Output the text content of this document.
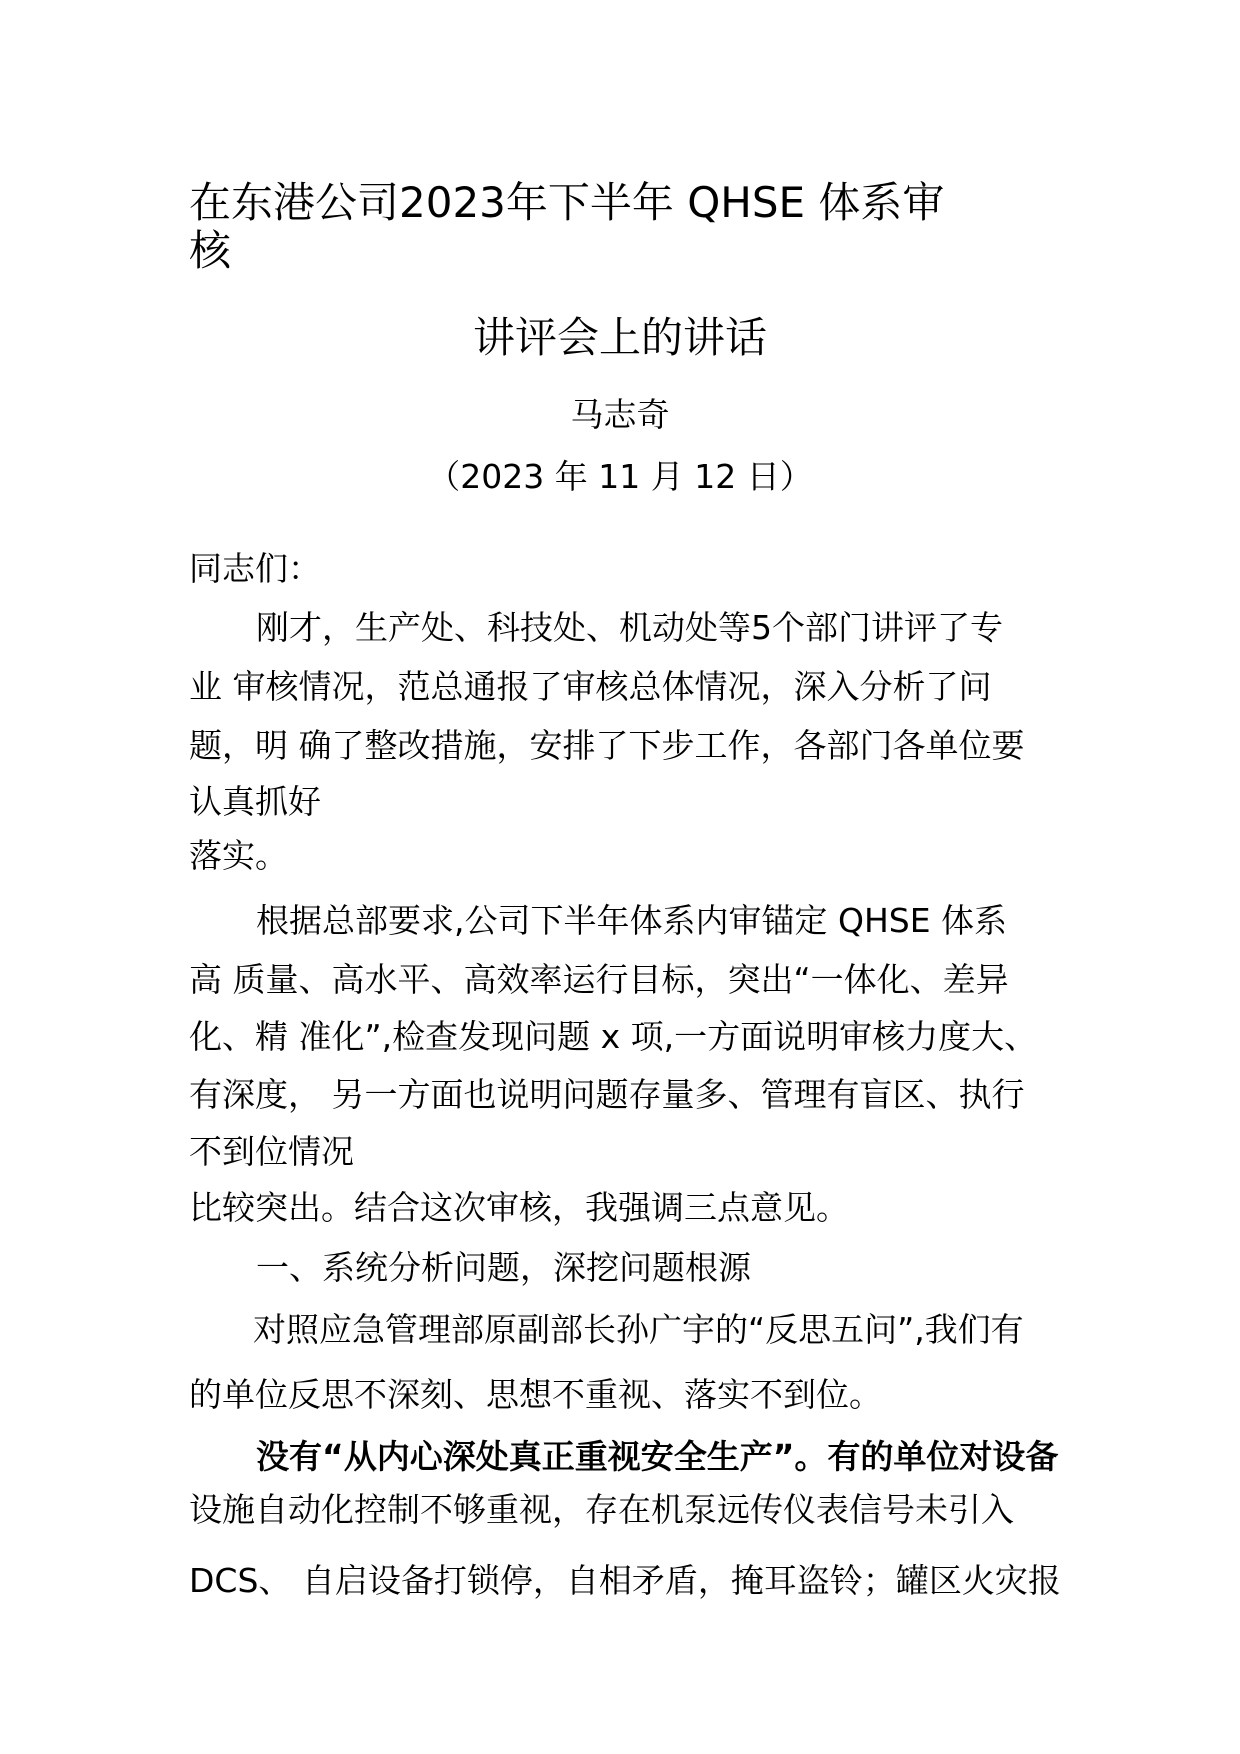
在东港公司2023年下半年 QHSE 体系审
核
讲评会上的讲话
马志奇
（2023 年 11 月 12 日）
同志们：
刚才，生产处、科技处、机动处等5个部门讲评了专
业 审核情况，范总通报了审核总体情况，深入分析了问
题，明 确了整改措施，安排了下步工作，各部门各单位要
认真抓好
落实。
根据总部要求,公司下半年体系内审锚定 QHSE 体系
高 质量、高水平、高效率运行目标，突出“一体化、差异
化、精 准化”,检查发现问题 x 项,一方面说明审核力度大、
有深度， 另一方面也说明问题存量多、管理有盲区、执行
不到位情况
比较突出。结合这次审核，我强调三点意见。
一、系统分析问题，深挖问题根源
对照应急管理部原副部长孙广宇的“反思五问”,我们有
的单位反思不深刻、思想不重视、落实不到位。
没有“从内心深处真正重视安全生产”。有的单位对设备
设施自动化控制不够重视，存在机泵远传仪表信号未引入
DCS、 自启设备打锁停，自相矛盾，掩耳盗铃；罐区火灾报
